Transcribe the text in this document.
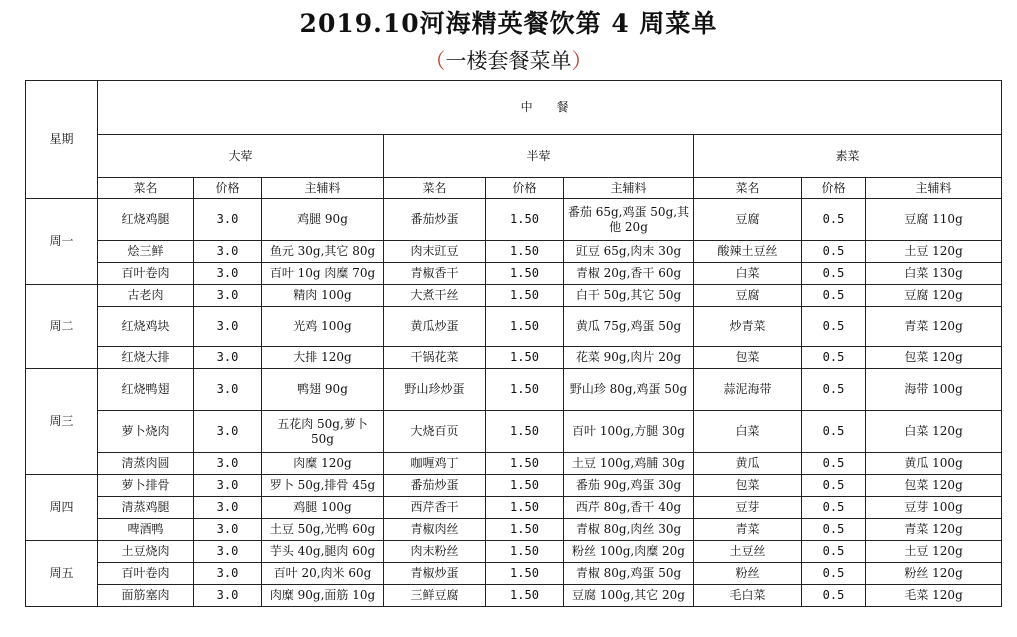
2019.10河海精英餐饮第 4 周菜单
（一楼套餐菜单）
星期	中 餐								
	大荤			半荤			素菜		
	菜名	价格	主辅料	菜名	价格	主辅料	菜名	价格	主辅料
周一	红烧鸡腿	3.0	鸡腿 90g	番茄炒蛋	1.50	番茄 65g,鸡蛋 50g,其他 20g	豆腐	0.5	豆腐 110g
	烩三鲜	3.0	鱼元 30g,其它 80g	肉末豇豆	1.50	豇豆 65g,肉末 30g	酸辣土豆丝	0.5	土豆 120g
	百叶卷肉	3.0	百叶 10g 肉糜 70g	青椒香干	1.50	青椒 20g,香干 60g	白菜	0.5	白菜 130g
周二	古老肉	3.0	精肉 100g	大煮干丝	1.50	白干 50g,其它 50g	豆腐	0.5	豆腐 120g
	红烧鸡块	3.0	光鸡 100g	黄瓜炒蛋	1.50	黄瓜 75g,鸡蛋 50g	炒青菜	0.5	青菜 120g
	红烧大排	3.0	大排 120g	干锅花菜	1.50	花菜 90g,肉片 20g	包菜	0.5	包菜 120g
周三	红烧鸭翅	3.0	鸭翅 90g	野山珍炒蛋	1.50	野山珍 80g,鸡蛋 50g	蒜泥海带	0.5	海带 100g
	萝卜烧肉	3.0	五花肉 50g,萝卜 50g	大烧百页	1.50	百叶 100g,方腿 30g	白菜	0.5	白菜 120g
	清蒸肉圆	3.0	肉糜 120g	咖喱鸡丁	1.50	土豆 100g,鸡脯 30g	黄瓜	0.5	黄瓜 100g
周四	萝卜排骨	3.0	罗卜 50g,排骨 45g	番茄炒蛋	1.50	番茄 90g,鸡蛋 30g	包菜	0.5	包菜 120g
	清蒸鸡腿	3.0	鸡腿 100g	西芹香干	1.50	西芹 80g,香干 40g	豆芽	0.5	豆芽 100g
	啤酒鸭	3.0	土豆 50g,光鸭 60g	青椒肉丝	1.50	青椒 80g,肉丝 30g	青菜	0.5	青菜 120g
周五	土豆烧肉	3.0	芋头 40g,腿肉 60g	肉末粉丝	1.50	粉丝 100g,肉糜 20g	土豆丝	0.5	土豆 120g
	百叶卷肉	3.0	百叶 20,肉米 60g	青椒炒蛋	1.50	青椒 80g,鸡蛋 50g	粉丝	0.5	粉丝 120g
	面筋塞肉	3.0	肉糜 90g,面筋 10g	三鲜豆腐	1.50	豆腐 100g,其它 20g	毛白菜	0.5	毛菜 120g
